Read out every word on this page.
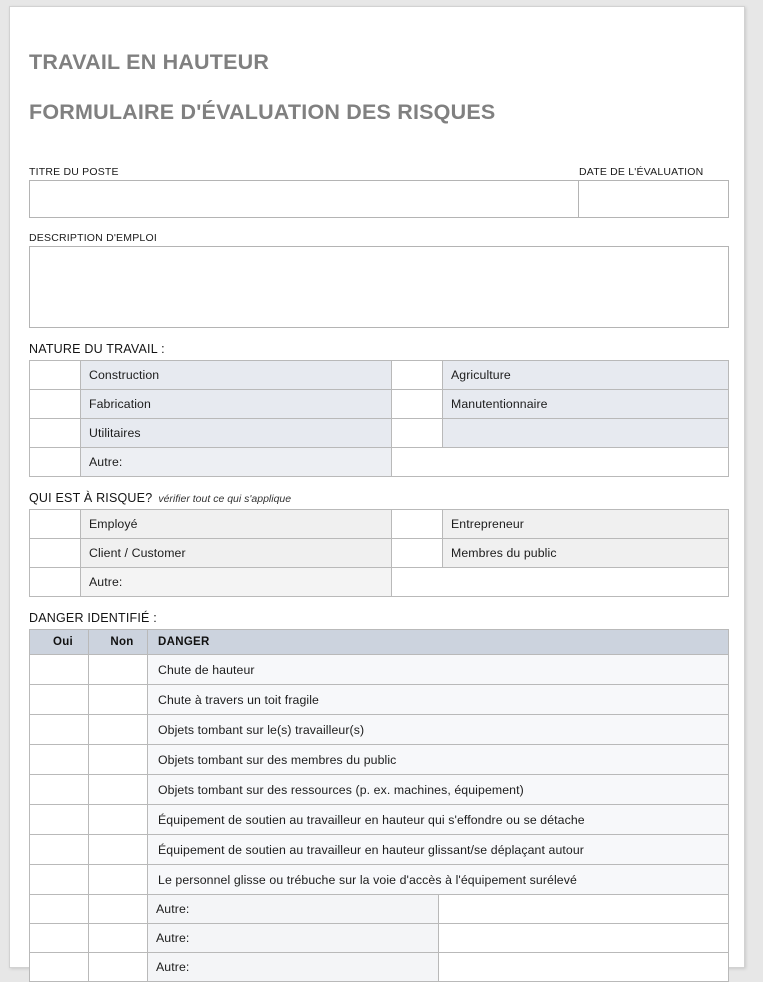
TRAVAIL EN HAUTEUR

FORMULAIRE D'ÉVALUATION DES RISQUES

TITRE DU POSTE	DATE DE L'ÉVALUATION
DESCRIPTION D'EMPLOI
NATURE DU TRAVAIL :
	Construction		Agriculture
	Fabrication		Manutentionnaire
	Utilitaires		
	Autre:		
QUI EST À RISQUE? vérifier tout ce qui s'applique
	Employé		Entrepreneur
	Client / Customer		Membres du public
	Autre:		
DANGER IDENTIFIÉ :
Oui	Non	DANGER	
		Chute de hauteur	
		Chute à travers un toit fragile	
		Objets tombant sur le(s) travailleur(s)	
		Objets tombant sur des membres du public	
		Objets tombant sur des ressources (p. ex. machines, équipement)	
		Équipement de soutien au travailleur en hauteur qui s'effondre ou se détache	
		Équipement de soutien au travailleur en hauteur glissant/se déplaçant autour	
		Le personnel glisse ou trébuche sur la voie d'accès à l'équipement surélevé	
		Autre:	
		Autre:	
		Autre:	
